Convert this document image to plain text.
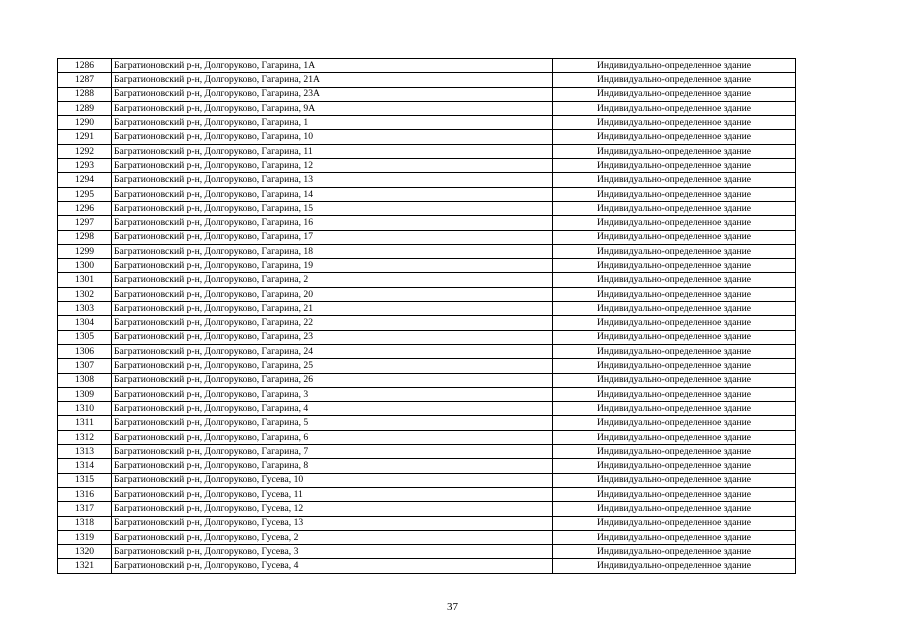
1286	Багратионовский р-н, Долгоруково, Гагарина, 1А	Индивидуально-определенное здание
1287	Багратионовский р-н, Долгоруково, Гагарина, 21А	Индивидуально-определенное здание
1288	Багратионовский р-н, Долгоруково, Гагарина, 23А	Индивидуально-определенное здание
1289	Багратионовский р-н, Долгоруково, Гагарина, 9А	Индивидуально-определенное здание
1290	Багратионовский р-н, Долгоруково, Гагарина, 1	Индивидуально-определенное здание
1291	Багратионовский р-н, Долгоруково, Гагарина, 10	Индивидуально-определенное здание
1292	Багратионовский р-н, Долгоруково, Гагарина, 11	Индивидуально-определенное здание
1293	Багратионовский р-н, Долгоруково, Гагарина, 12	Индивидуально-определенное здание
1294	Багратионовский р-н, Долгоруково, Гагарина, 13	Индивидуально-определенное здание
1295	Багратионовский р-н, Долгоруково, Гагарина, 14	Индивидуально-определенное здание
1296	Багратионовский р-н, Долгоруково, Гагарина, 15	Индивидуально-определенное здание
1297	Багратионовский р-н, Долгоруково, Гагарина, 16	Индивидуально-определенное здание
1298	Багратионовский р-н, Долгоруково, Гагарина, 17	Индивидуально-определенное здание
1299	Багратионовский р-н, Долгоруково, Гагарина, 18	Индивидуально-определенное здание
1300	Багратионовский р-н, Долгоруково, Гагарина, 19	Индивидуально-определенное здание
1301	Багратионовский р-н, Долгоруково, Гагарина, 2	Индивидуально-определенное здание
1302	Багратионовский р-н, Долгоруково, Гагарина, 20	Индивидуально-определенное здание
1303	Багратионовский р-н, Долгоруково, Гагарина, 21	Индивидуально-определенное здание
1304	Багратионовский р-н, Долгоруково, Гагарина, 22	Индивидуально-определенное здание
1305	Багратионовский р-н, Долгоруково, Гагарина, 23	Индивидуально-определенное здание
1306	Багратионовский р-н, Долгоруково, Гагарина, 24	Индивидуально-определенное здание
1307	Багратионовский р-н, Долгоруково, Гагарина, 25	Индивидуально-определенное здание
1308	Багратионовский р-н, Долгоруково, Гагарина, 26	Индивидуально-определенное здание
1309	Багратионовский р-н, Долгоруково, Гагарина, 3	Индивидуально-определенное здание
1310	Багратионовский р-н, Долгоруково, Гагарина, 4	Индивидуально-определенное здание
1311	Багратионовский р-н, Долгоруково, Гагарина, 5	Индивидуально-определенное здание
1312	Багратионовский р-н, Долгоруково, Гагарина, 6	Индивидуально-определенное здание
1313	Багратионовский р-н, Долгоруково, Гагарина, 7	Индивидуально-определенное здание
1314	Багратионовский р-н, Долгоруково, Гагарина, 8	Индивидуально-определенное здание
1315	Багратионовский р-н, Долгоруково, Гусева, 10	Индивидуально-определенное здание
1316	Багратионовский р-н, Долгоруково, Гусева, 11	Индивидуально-определенное здание
1317	Багратионовский р-н, Долгоруково, Гусева, 12	Индивидуально-определенное здание
1318	Багратионовский р-н, Долгоруково, Гусева, 13	Индивидуально-определенное здание
1319	Багратионовский р-н, Долгоруково, Гусева, 2	Индивидуально-определенное здание
1320	Багратионовский р-н, Долгоруково, Гусева, 3	Индивидуально-определенное здание
1321	Багратионовский р-н, Долгоруково, Гусева, 4	Индивидуально-определенное здание
37
